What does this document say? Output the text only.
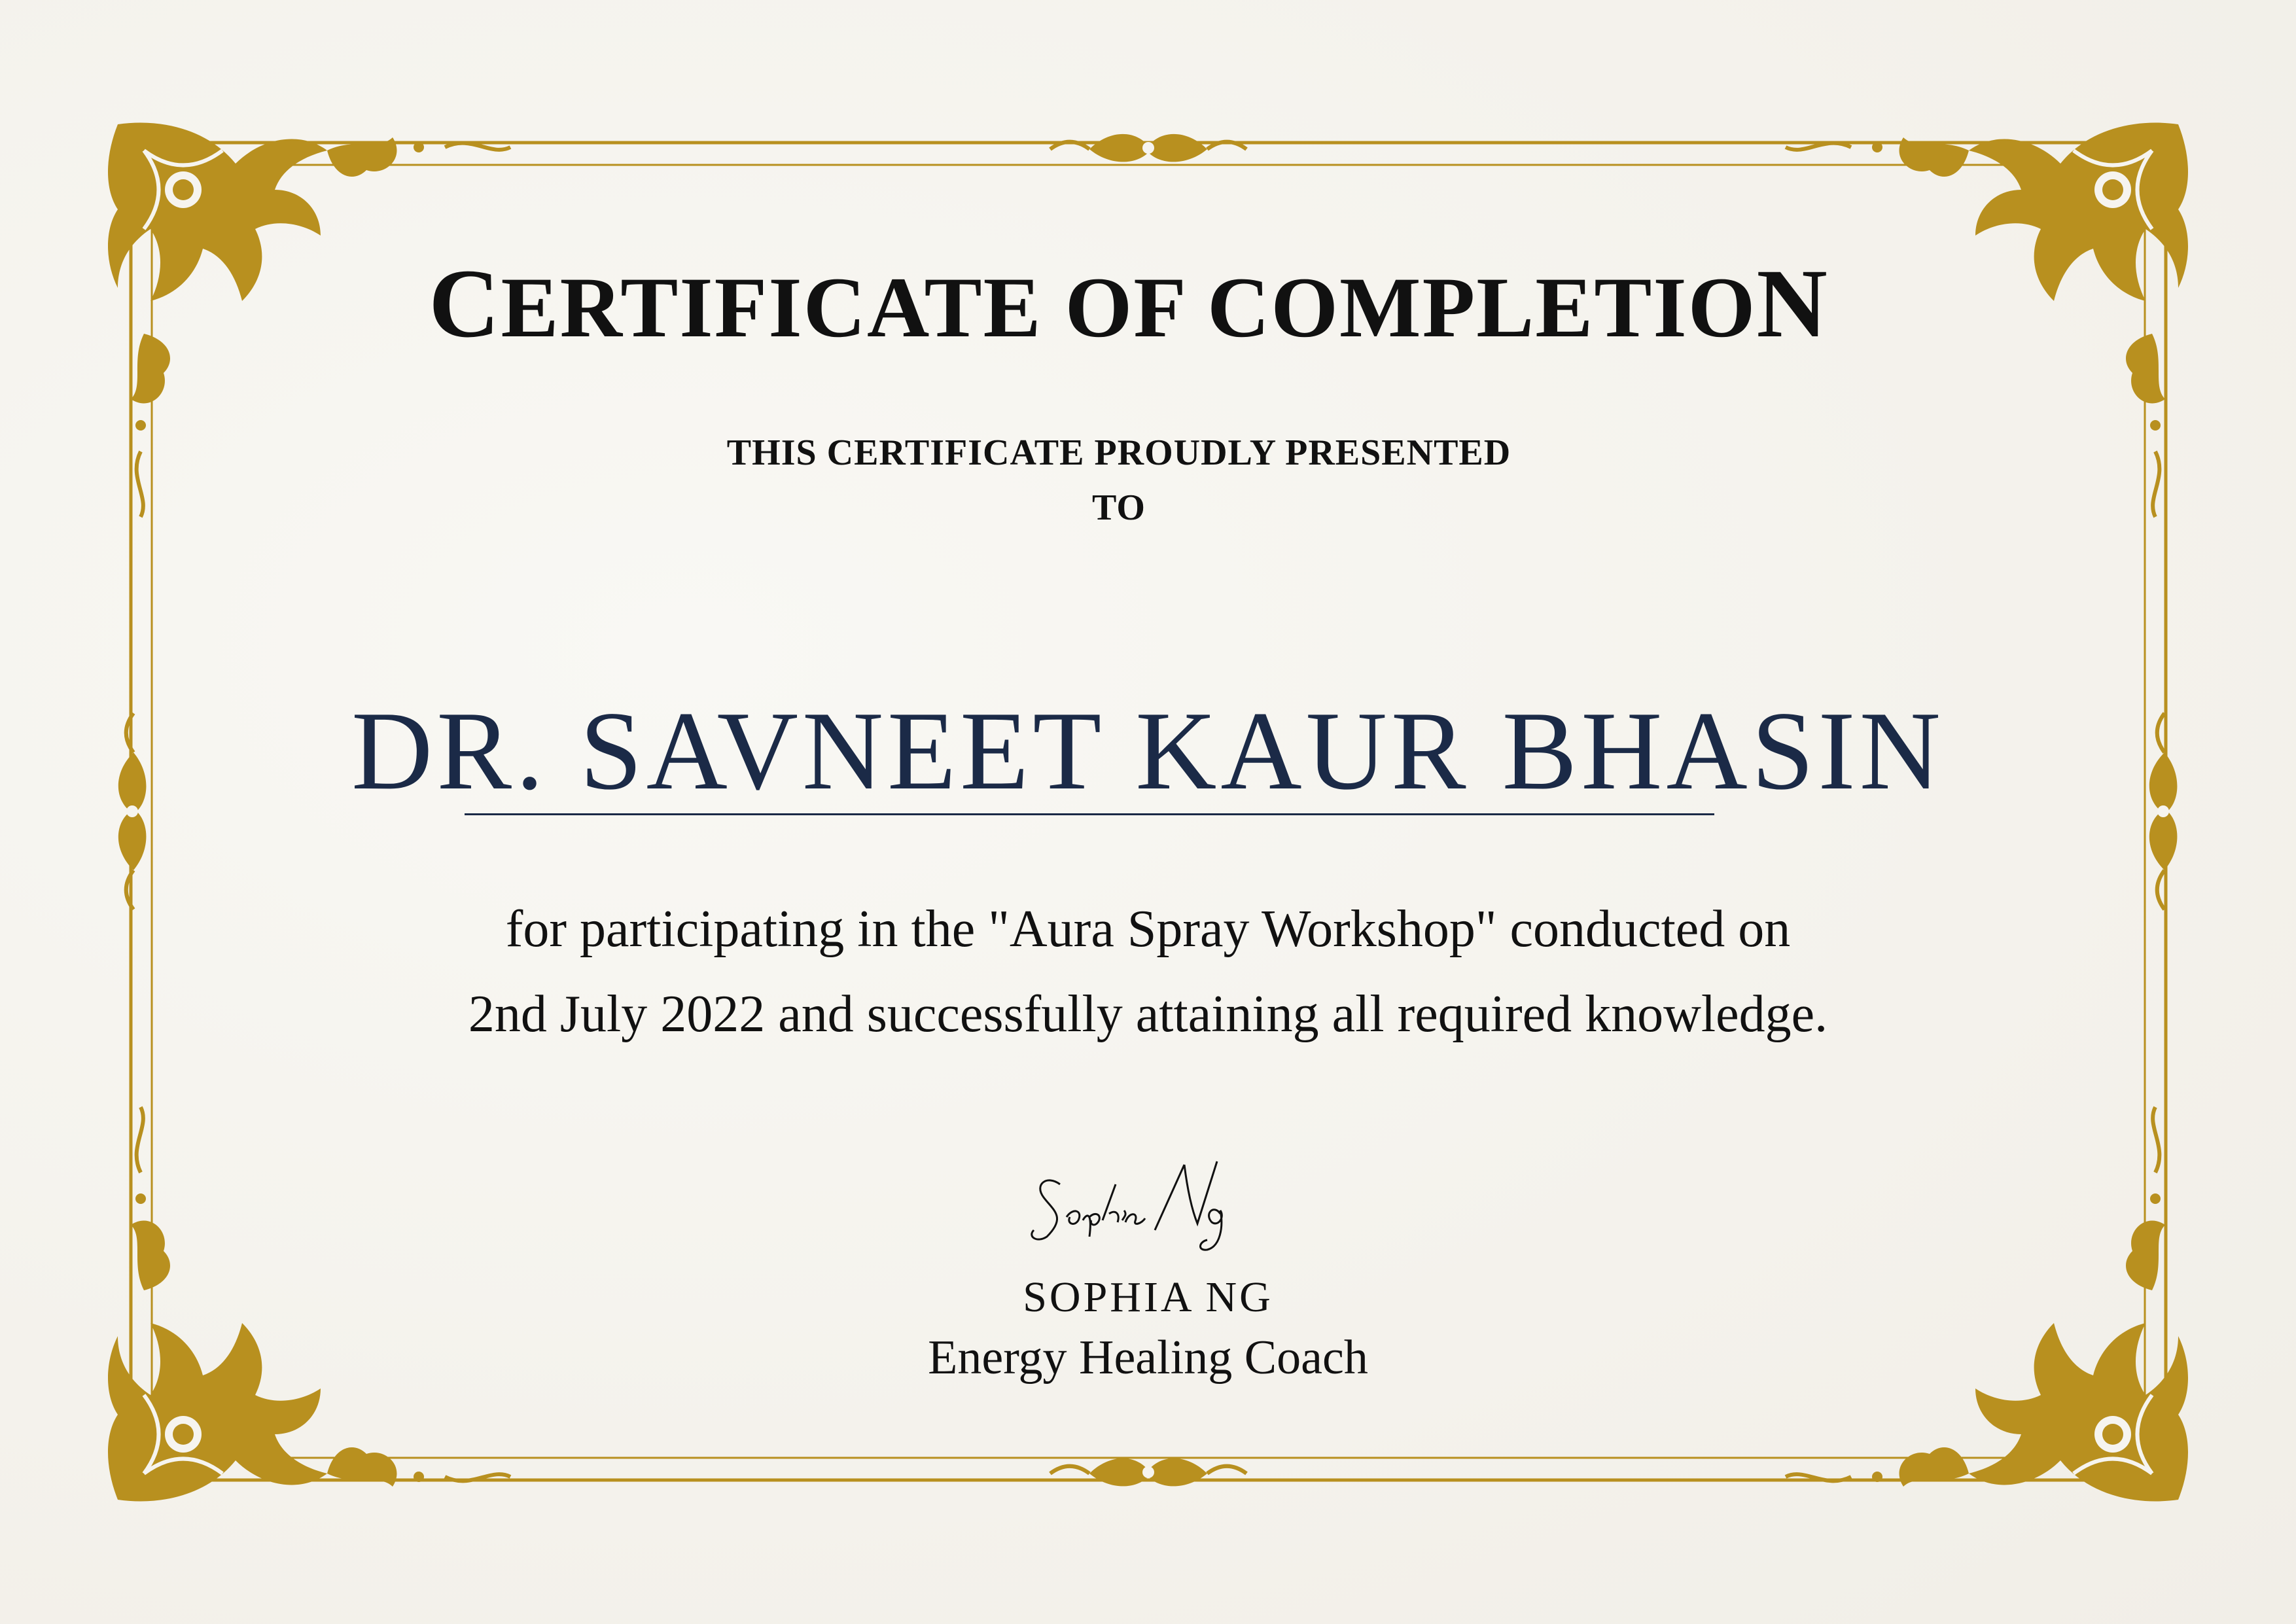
CERTIFICATE OF COMPLETION
THIS CERTIFICATE PROUDLY PRESENTED
TO
DR. SAVNEET KAUR BHASIN
for participating in the "Aura Spray Workshop" conducted on
2nd July 2022 and successfully attaining all required knowledge.
SOPHIA NG
Energy Healing Coach
